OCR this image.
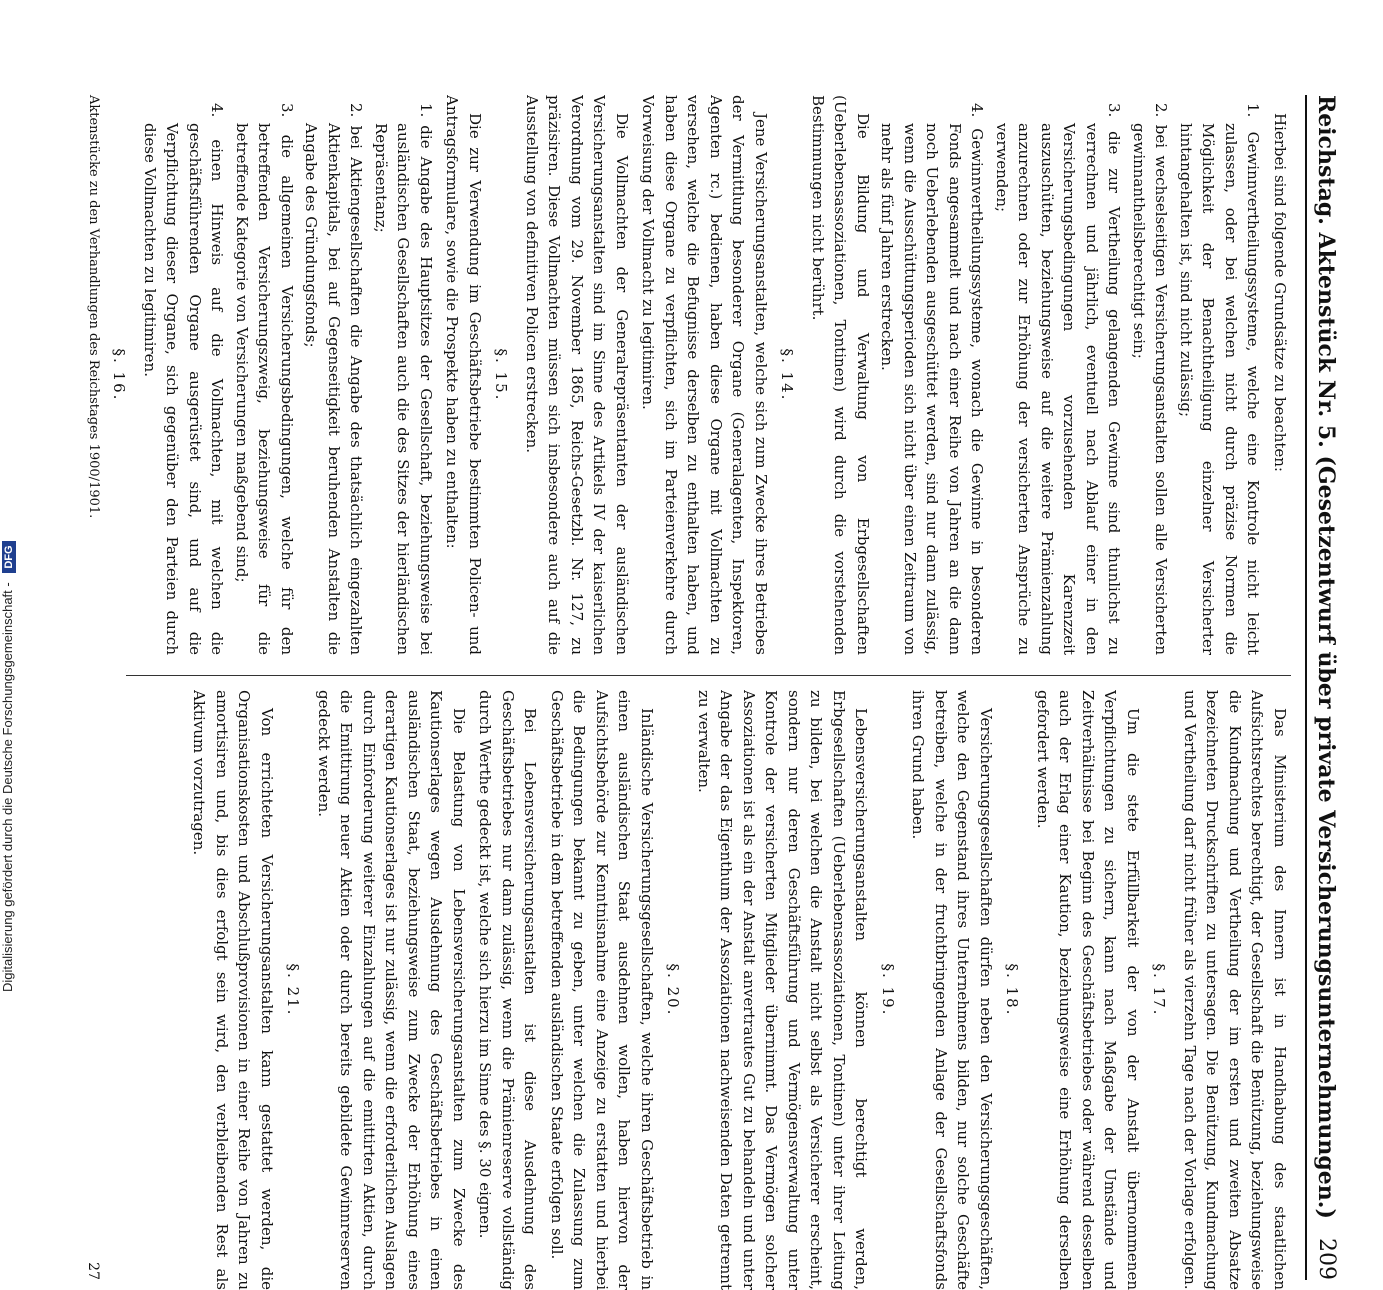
Reichstag. Aktenstück Nr. 5. (Gesetzentwurf über private Versicherungsunternehmungen.)
209

Hierbei sind folgende Grundsätze zu beachten:

1. Gewinnvertheilungssysteme, welche eine Kontrole nicht leicht zulassen, oder bei welchen nicht durch präzise Normen die Möglichkeit der Benachtheiligung einzelner Versicherter hintangehalten ist, sind nicht zulässig;

2. bei wechselseitigen Versicherungsanstalten sollen alle Versicherten gewinnantheilsberechtigt sein;

3. die zur Vertheilung gelangenden Gewinne sind thunlichst zu verrechnen und jährlich, eventuell nach Ablauf einer in den Versicherungsbedingungen vorzusehenden Karenzzeit auszuschütten, beziehungsweise auf die weitere Prämienzahlung anzurechnen oder zur Erhöhung der versicherten Ansprüche zu verwenden;

4. Gewinnvertheilungssysteme, wonach die Gewinne in besonderen Fonds angesammelt und nach einer Reihe von Jahren an die dann noch Ueberlebenden ausgeschüttet werden, sind nur dann zulässig, wenn die Ausschüttungsperioden sich nicht über einen Zeitraum von mehr als fünf Jahren erstrecken.

Die Bildung und Verwaltung von Erbgesellschaften (Ueberlebensassoziationen, Tontinen) wird durch die vorstehenden Bestimmungen nicht berührt.

§. 14.

Jene Versicherungsanstalten, welche sich zum Zwecke ihres Betriebes der Vermittlung besonderer Organe (Generalagenten, Inspektoren, Agenten rc.) bedienen, haben diese Organe mit Vollmachten zu versehen, welche die Befugnisse derselben zu enthalten haben, und haben diese Organe zu verpflichten, sich im Parteienverkehre durch Vorweisung der Vollmacht zu legitimiren.

Die Vollmachten der Generalrepräsentanten der ausländischen Versicherungsanstalten sind im Sinne des Artikels IV der kaiserlichen Verordnung vom 29. November 1865, Reichs-Gesetzbl. Nr. 127, zu präzisiren. Diese Vollmachten müssen sich insbesondere auch auf die Ausstellung von definitiven Policen erstrecken.

§. 15.

Die zur Verwendung im Geschäftsbetriebe bestimmten Policen- und Antragsformulare, sowie die Prospekte haben zu enthalten:

1. die Angabe des Hauptsitzes der Gesellschaft, beziehungsweise bei ausländischen Gesellschaften auch die des Sitzes der hierländischen Repräsentanz;

2. bei Aktiengesellschaften die Angabe des thatsächlich eingezahlten Aktienkapitals, bei auf Gegenseitigkeit beruhenden Anstalten die Angabe des Gründungsfonds;

3. die allgemeinen Versicherungsbedingungen, welche für den betreffenden Versicherungszweig, beziehungsweise für die betreffende Kategorie von Versicherungen maßgebend sind;

4. einen Hinweis auf die Vollmachten, mit welchen die geschäftsführenden Organe ausgerüstet sind, und auf die Verpflichtung dieser Organe, sich gegenüber den Parteien durch diese Vollmachten zu legitimiren.

§. 16.

Das Ministerium des Innern ist in Handhabung des staatlichen Aufsichtsrechtes berechtigt, der Gesellschaft die Benützung, beziehungsweise die Kundmachung und Vertheilung der im ersten und zweiten Absatze bezeichneten Druckschriften zu untersagen. Die Benützung, Kundmachung und Vertheilung darf nicht früher als vierzehn Tage nach der Vorlage erfolgen.

§. 17.

Um die stete Erfüllbarkeit der von der Anstalt übernommenen Verpflichtungen zu sichern, kann nach Maßgabe der Umstände und Zeitverhältnisse bei Beginn des Geschäftsbetriebes oder während desselben auch der Erlag einer Kaution, beziehungsweise eine Erhöhung derselben gefordert werden.

§. 18.

Versicherungsgesellschaften dürfen neben den Versicherungsgeschäften, welche den Gegenstand ihres Unternehmens bilden, nur solche Geschäfte betreiben, welche in der fruchtbringenden Anlage der Gesellschaftsfonds ihren Grund haben.

§. 19.

Lebensversicherungsanstalten können berechtigt werden, Erbgesellschaften (Ueberlebensassoziationen, Tontinen) unter ihrer Leitung zu bilden, bei welchen die Anstalt nicht selbst als Versicherer erscheint, sondern nur deren Geschäftsführung und Vermögensverwaltung unter Kontrole der versicherten Mitglieder übernimmt. Das Vermögen solcher Assoziationen ist als ein der Anstalt anvertrautes Gut zu behandeln und unter Angabe der das Eigenthum der Assoziationen nachweisenden Daten getrennt zu verwalten.

§. 20.

Inländische Versicherungsgesellschaften, welche ihren Geschäftsbetrieb in einen ausländischen Staat ausdehnen wollen, haben hiervon der Aufsichtsbehörde zur Kenntnisnahme eine Anzeige zu erstatten und hierbei die Bedingungen bekannt zu geben, unter welchen die Zulassung zum Geschäftsbetriebe in dem betreffenden ausländischen Staate erfolgen soll.

Bei Lebensversicherungsanstalten ist diese Ausdehnung des Geschäftsbetriebes nur dann zulässig, wenn die Prämienreserve vollständig durch Werthe gedeckt ist, welche sich hierzu im Sinne des §. 30 eignen.

Die Belastung von Lebensversicherungsanstalten zum Zwecke des Kautionserlages wegen Ausdehnung des Geschäftsbetriebes in einen ausländischen Staat, beziehungsweise zum Zwecke der Erhöhung eines derartigen Kautionserlages ist nur zulässig, wenn die erforderlichen Auslagen durch Einforderung weiterer Einzahlungen auf die emittirten Aktien, durch die Emittirung neuer Aktien oder durch bereits gebildete Gewinnreserven gedeckt werden.

§. 21.

Von errichteten Versicherungsanstalten kann gestattet werden, die Organisationskosten und Abschlußprovisionen in einer Reihe von Jahren zu amortisiren und, bis dies erfolgt sein wird, den verbleibenden Rest als Aktivum vorzutragen.

Aktenstücke zu den Verhandlungen des Reichstages 1900/1901.
27
Digitalisierung gefördert durch die Deutsche Forschungsgemeinschaft - DFG
